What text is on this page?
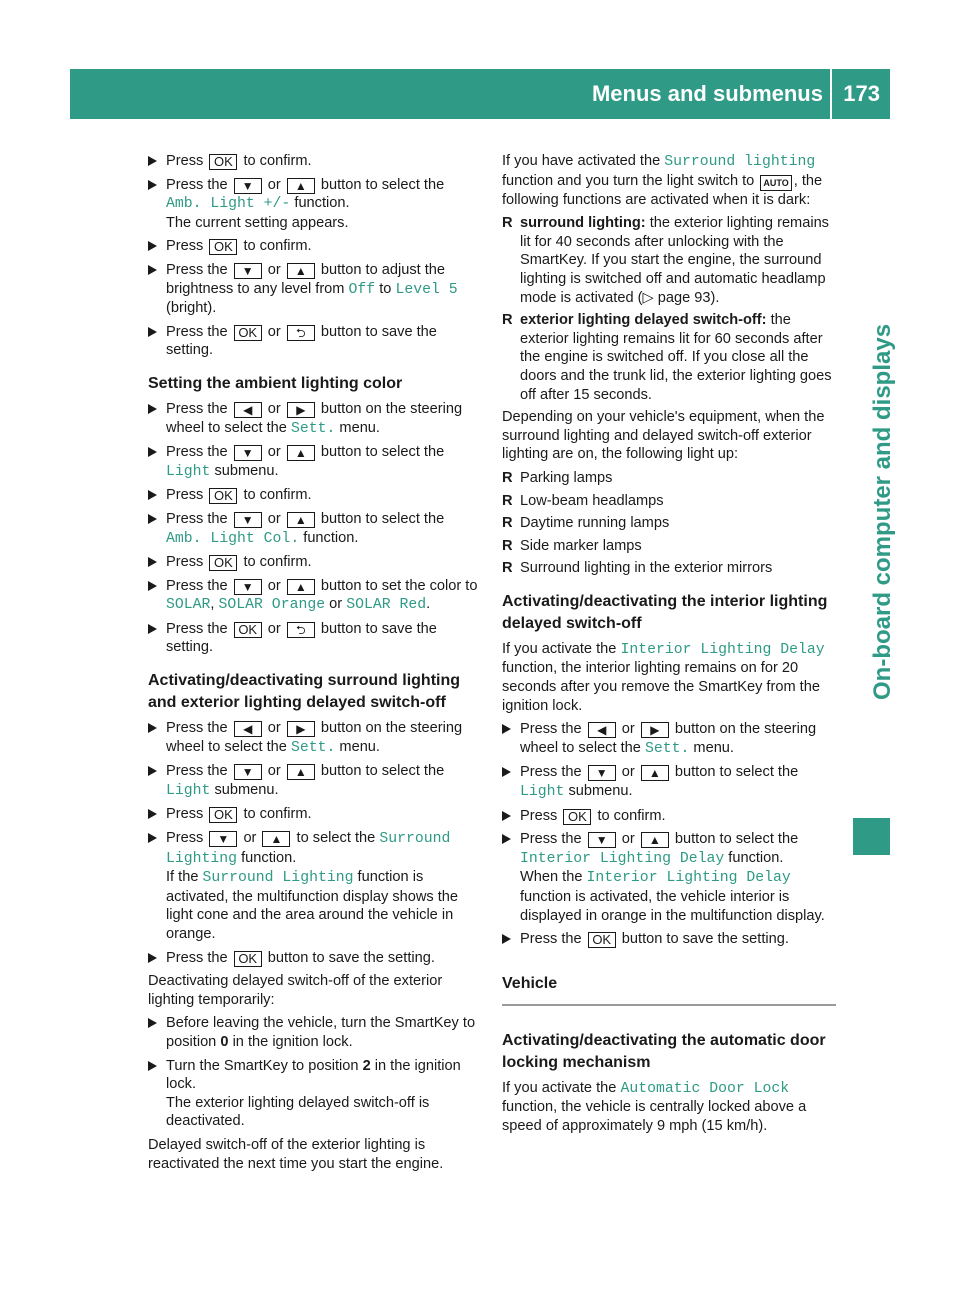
Menus and submenus 173
On-board computer and displays
Press OK to confirm.
Press the ▼ or ▲ button to select the Amb. Light +/- function.
The current setting appears.
Press OK to confirm.
Press the ▼ or ▲ button to adjust the brightness to any level from Off to Level 5 (bright).
Press the OK or ⮌ button to save the setting.
Setting the ambient lighting color
Press the ◀ or ▶ button on the steering wheel to select the Sett. menu.
Press the ▼ or ▲ button to select the Light submenu.
Press OK to confirm.
Press the ▼ or ▲ button to select the Amb. Light Col. function.
Press OK to confirm.
Press the ▼ or ▲ button to set the color to SOLAR, SOLAR Orange or SOLAR Red.
Press the OK or ⮌ button to save the setting.
Activating/deactivating surround lighting and exterior lighting delayed switch-off
Press the ◀ or ▶ button on the steering wheel to select the Sett. menu.
Press the ▼ or ▲ button to select the Light submenu.
Press OK to confirm.
Press ▼ or ▲ to select the Surround Lighting function.
If the Surround Lighting function is activated, the multifunction display shows the light cone and the area around the vehicle in orange.
Press the OK button to save the setting.
Deactivating delayed switch-off of the exterior lighting temporarily:
Before leaving the vehicle, turn the SmartKey to position 0 in the ignition lock.
Turn the SmartKey to position 2 in the ignition lock.
The exterior lighting delayed switch-off is deactivated.
Delayed switch-off of the exterior lighting is reactivated the next time you start the engine.
If you have activated the Surround lighting function and you turn the light switch to AUTO , the following functions are activated when it is dark:
R surround lighting: the exterior lighting remains lit for 40 seconds after unlocking with the SmartKey. If you start the engine, the surround lighting is switched off and automatic headlamp mode is activated (▷ page 93).
R exterior lighting delayed switch-off: the exterior lighting remains lit for 60 seconds after the engine is switched off. If you close all the doors and the trunk lid, the exterior lighting goes off after 15 seconds.
Depending on your vehicle's equipment, when the surround lighting and delayed switch-off exterior lighting are on, the following light up:
R Parking lamps
R Low-beam headlamps
R Daytime running lamps
R Side marker lamps
R Surround lighting in the exterior mirrors
Activating/deactivating the interior lighting delayed switch-off
If you activate the Interior Lighting Delay function, the interior lighting remains on for 20 seconds after you remove the SmartKey from the ignition lock.
Press the ◀ or ▶ button on the steering wheel to select the Sett. menu.
Press the ▼ or ▲ button to select the Light submenu.
Press OK to confirm.
Press the ▼ or ▲ button to select the Interior Lighting Delay function.
When the Interior Lighting Delay function is activated, the vehicle interior is displayed in orange in the multifunction display.
Press the OK button to save the setting.
Vehicle
Activating/deactivating the automatic door locking mechanism
If you activate the Automatic Door Lock function, the vehicle is centrally locked above a speed of approximately 9 mph (15 km/h).
